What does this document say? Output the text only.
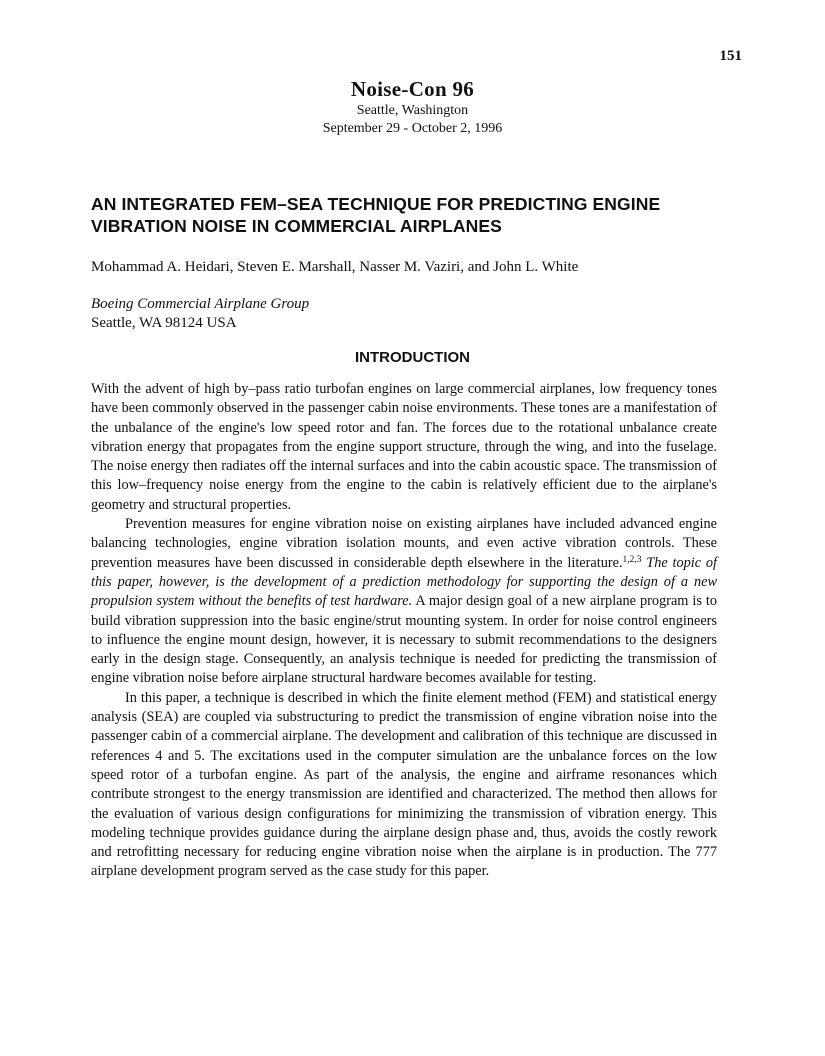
151
Noise-Con 96
Seattle, Washington
September 29 - October 2, 1996
AN INTEGRATED FEM–SEA TECHNIQUE FOR PREDICTING ENGINE
VIBRATION NOISE IN COMMERCIAL AIRPLANES
Mohammad A. Heidari, Steven E. Marshall, Nasser M. Vaziri, and John L. White
Boeing Commercial Airplane Group
Seattle, WA 98124 USA
INTRODUCTION

With the advent of high by–pass ratio turbofan engines on large commercial airplanes, low frequency tones have been commonly observed in the passenger cabin noise environments. These tones are a manifestation of the unbalance of the engine's low speed rotor and fan. The forces due to the rotational unbalance create vibration energy that propagates from the engine support structure, through the wing, and into the fuselage. The noise energy then radiates off the internal surfaces and into the cabin acoustic space. The transmission of this low–frequency noise energy from the engine to the cabin is relatively efficient due to the airplane's geometry and structural properties.

Prevention measures for engine vibration noise on existing airplanes have included advanced engine balancing technologies, engine vibration isolation mounts, and even active vibration controls. These prevention measures have been discussed in considerable depth elsewhere in the literature.$^{1,2,3}$ The topic of this paper, however, is the development of a prediction methodology for supporting the design of a new propulsion system without the benefits of test hardware. A major design goal of a new airplane program is to build vibration suppression into the basic engine/strut mounting system. In order for noise control engineers to influence the engine mount design, however, it is necessary to submit recommendations to the designers early in the design stage. Consequently, an analysis technique is needed for predicting the transmission of engine vibration noise before airplane structural hardware becomes available for testing.

In this paper, a technique is described in which the finite element method (FEM) and statistical energy analysis (SEA) are coupled via substructuring to predict the transmission of engine vibration noise into the passenger cabin of a commercial airplane. The development and calibration of this technique are discussed in references 4 and 5. The excitations used in the computer simulation are the unbalance forces on the low speed rotor of a turbofan engine. As part of the analysis, the engine and airframe resonances which contribute strongest to the energy transmission are identified and characterized. The method then allows for the evaluation of various design configurations for minimizing the transmission of vibration energy. This modeling technique provides guidance during the airplane design phase and, thus, avoids the costly rework and retrofitting necessary for reducing engine vibration noise when the airplane is in production. The 777 airplane development program served as the case study for this paper.
